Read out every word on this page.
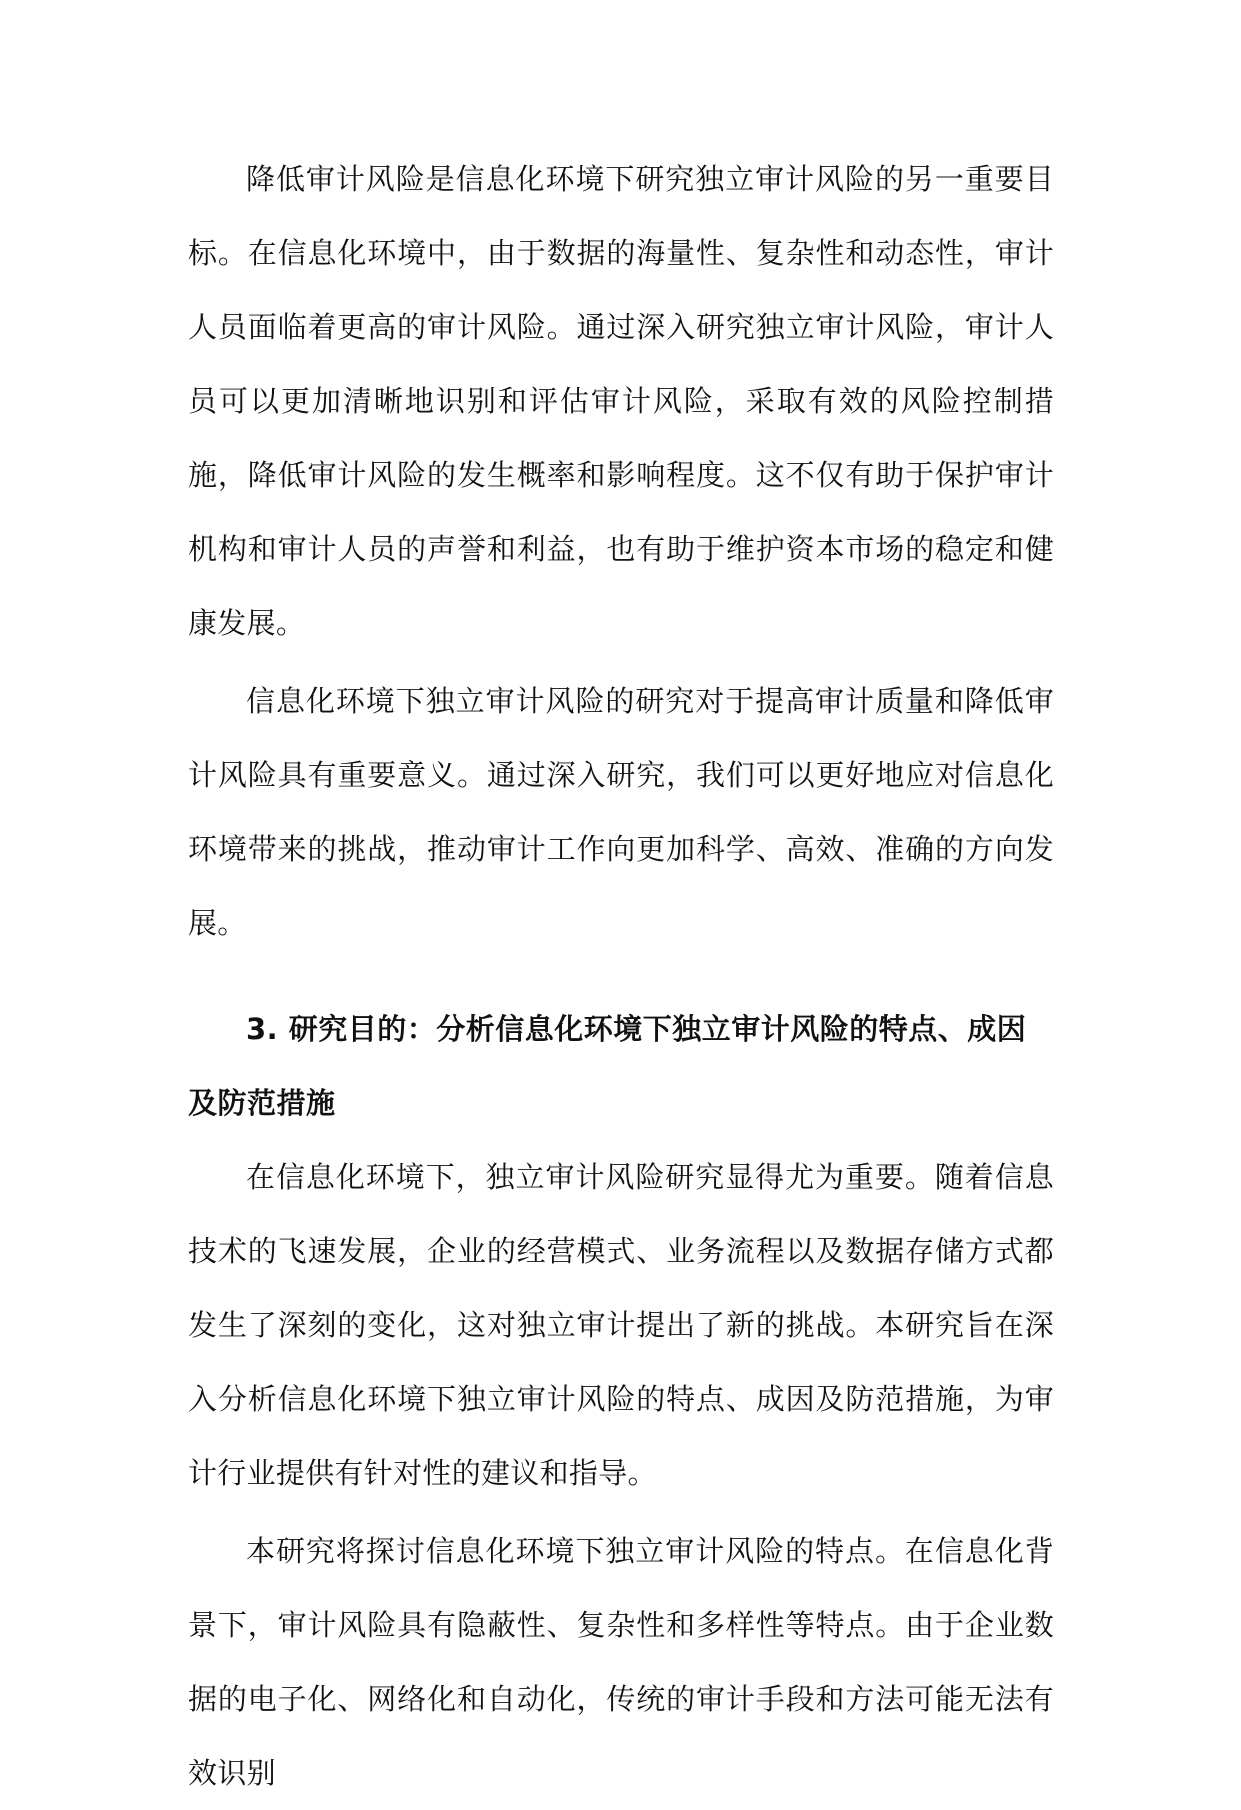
降低审计风险是信息化环境下研究独立审计风险的另一重要目标。在信息化环境中，由于数据的海量性、复杂性和动态性，审计人员面临着更高的审计风险。通过深入研究独立审计风险，审计人员可以更加清晰地识别和评估审计风险，采取有效的风险控制措施，降低审计风险的发生概率和影响程度。这不仅有助于保护审计机构和审计人员的声誉和利益，也有助于维护资本市场的稳定和健康发展。

信息化环境下独立审计风险的研究对于提高审计质量和降低审计风险具有重要意义。通过深入研究，我们可以更好地应对信息化环境带来的挑战，推动审计工作向更加科学、高效、准确的方向发展。

3. 研究目的：分析信息化环境下独立审计风险的特点、成因及防范措施

在信息化环境下，独立审计风险研究显得尤为重要。随着信息技术的飞速发展，企业的经营模式、业务流程以及数据存储方式都发生了深刻的变化，这对独立审计提出了新的挑战。本研究旨在深入分析信息化环境下独立审计风险的特点、成因及防范措施，为审计行业提供有针对性的建议和指导。

本研究将探讨信息化环境下独立审计风险的特点。在信息化背景下，审计风险具有隐蔽性、复杂性和多样性等特点。由于企业数据的电子化、网络化和自动化，传统的审计手段和方法可能无法有效识别
